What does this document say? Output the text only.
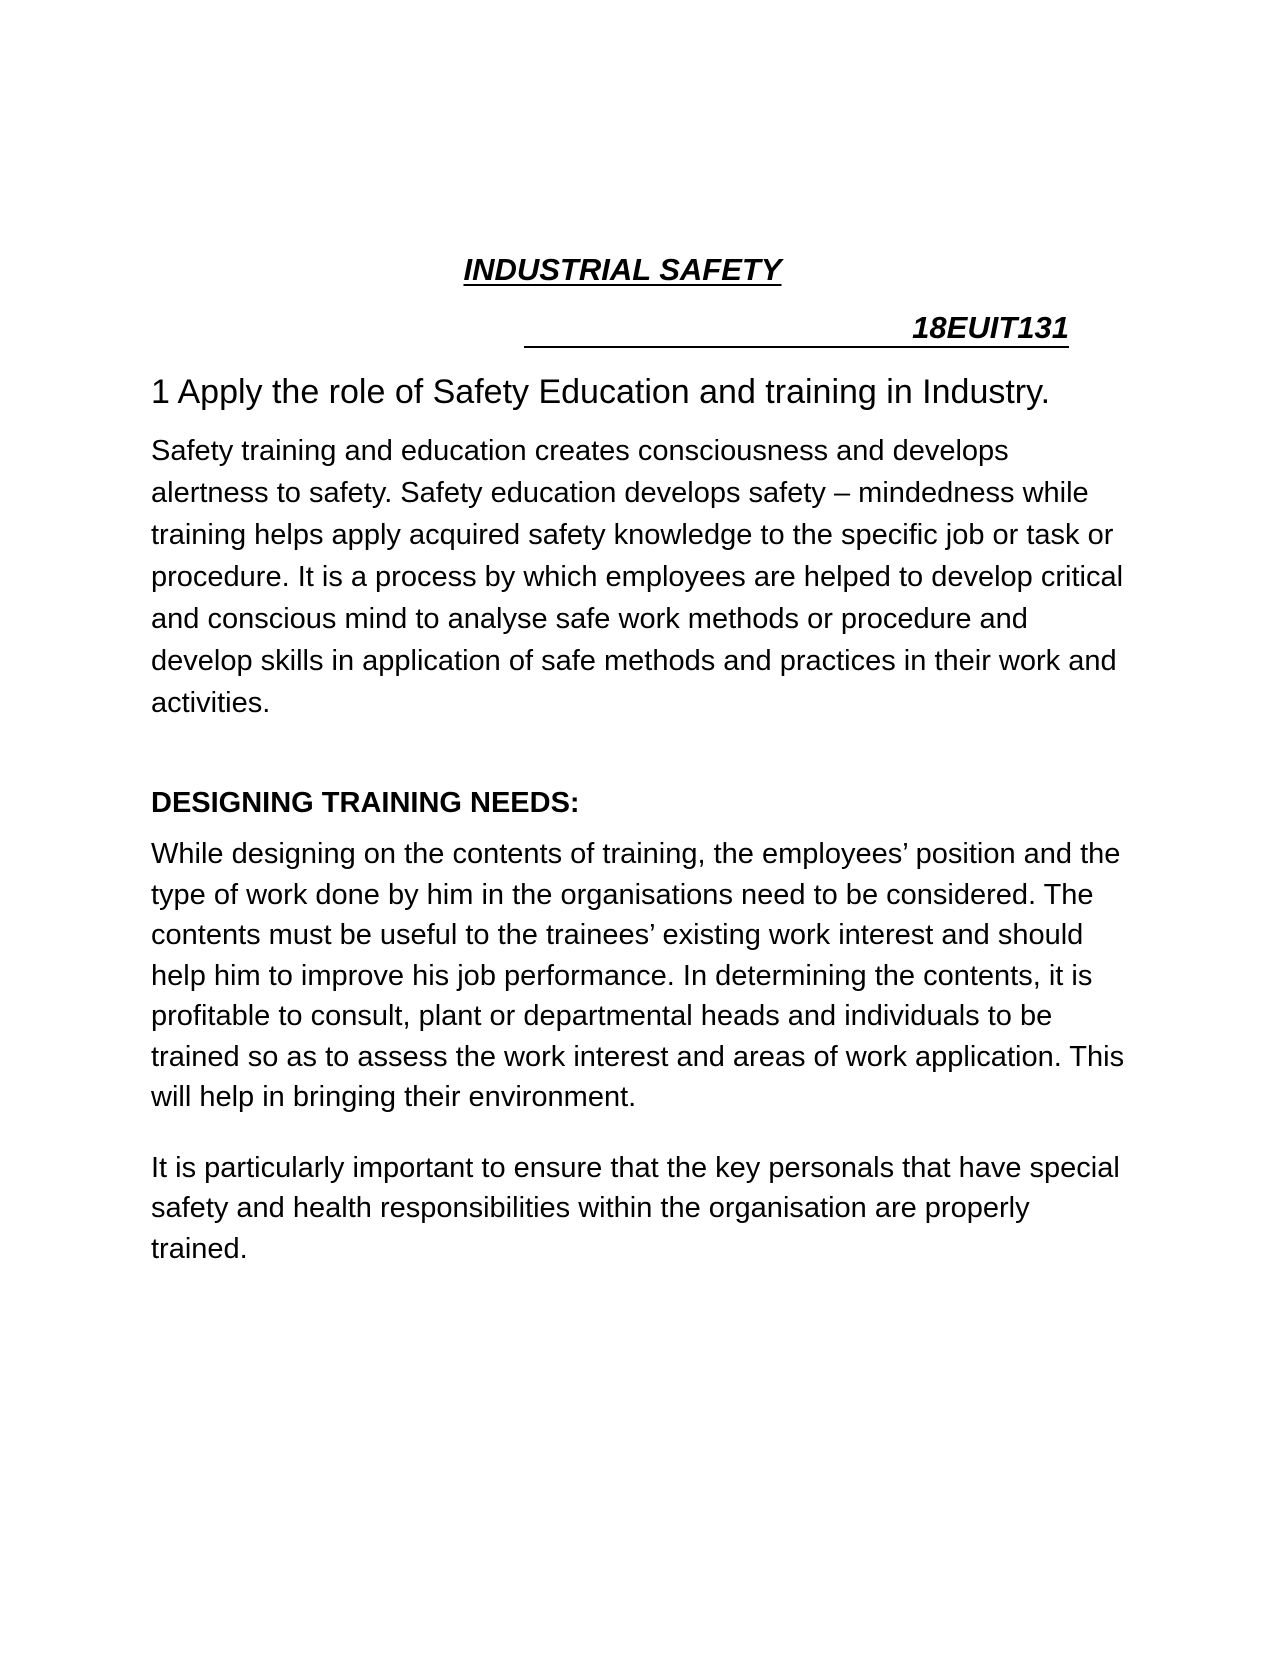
INDUSTRIAL SAFETY
18EUIT131
1 Apply the role of Safety Education and training in Industry.

Safety training and education creates consciousness and develops alertness to safety. Safety education develops safety – mindedness while training helps apply acquired safety knowledge to the specific job or task or procedure. It is a process by which employees are helped to develop critical and conscious mind to analyse safe work methods or procedure and develop skills in application of safe methods and practices in their work and activities.

DESIGNING TRAINING NEEDS:

While designing on the contents of training, the employees’ position and the type of work done by him in the organisations need to be considered. The contents must be useful to the trainees’ existing work interest and should help him to improve his job performance. In determining the contents, it is profitable to consult, plant or departmental heads and individuals to be trained so as to assess the work interest and areas of work application. This will help in bringing their environment.

It is particularly important to ensure that the key personals that have special safety and health responsibilities within the organisation are properly trained.
